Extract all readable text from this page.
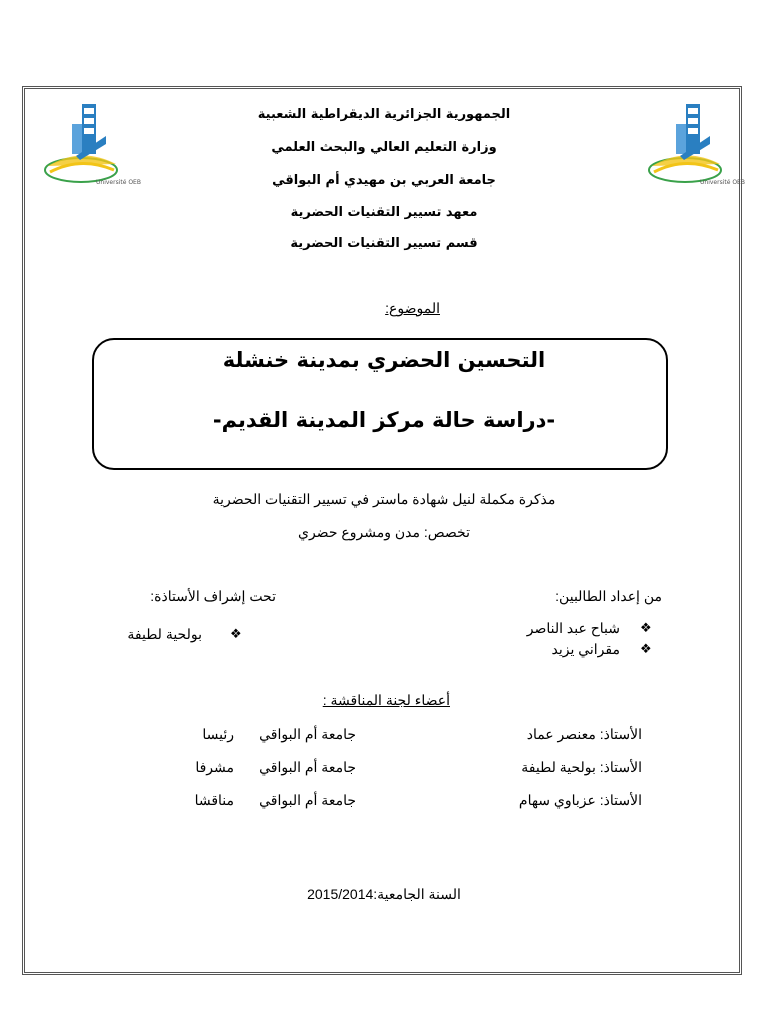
Université OEB	Université OEB
الجمهورية الجزائرية الديقراطية الشعبية
وزارة التعليم العالي والبحث العلمي
جامعة العربي بن مهيدي أم البواقي
معهد تسيير التقنيات الحضرية
قسم تسيير التقنيات الحضرية
الموضوع:
التحسين الحضري بمدينة خنشلة
-دراسة حالة مركز المدينة القديم-
مذكرة مكملة لنيل شهادة ماستر في تسيير التقنيات الحضرية
تخصص: مدن ومشروع حضري
من إعداد الطالبين:
تحت إشراف الأستاذة:
❖
شباح عبد الناصر
❖
مقراني يزيد
❖
بولحية لطيفة
أعضاء لجنة المناقشة :
الأستاذ: معنصر عماد
جامعة أم البواقي
رئيسا
الأستاذ: بولحية لطيفة
جامعة أم البواقي
مشرفا
الأستاذ: عزباوي سهام
جامعة أم البواقي
مناقشا
السنة الجامعية:2015/2014
